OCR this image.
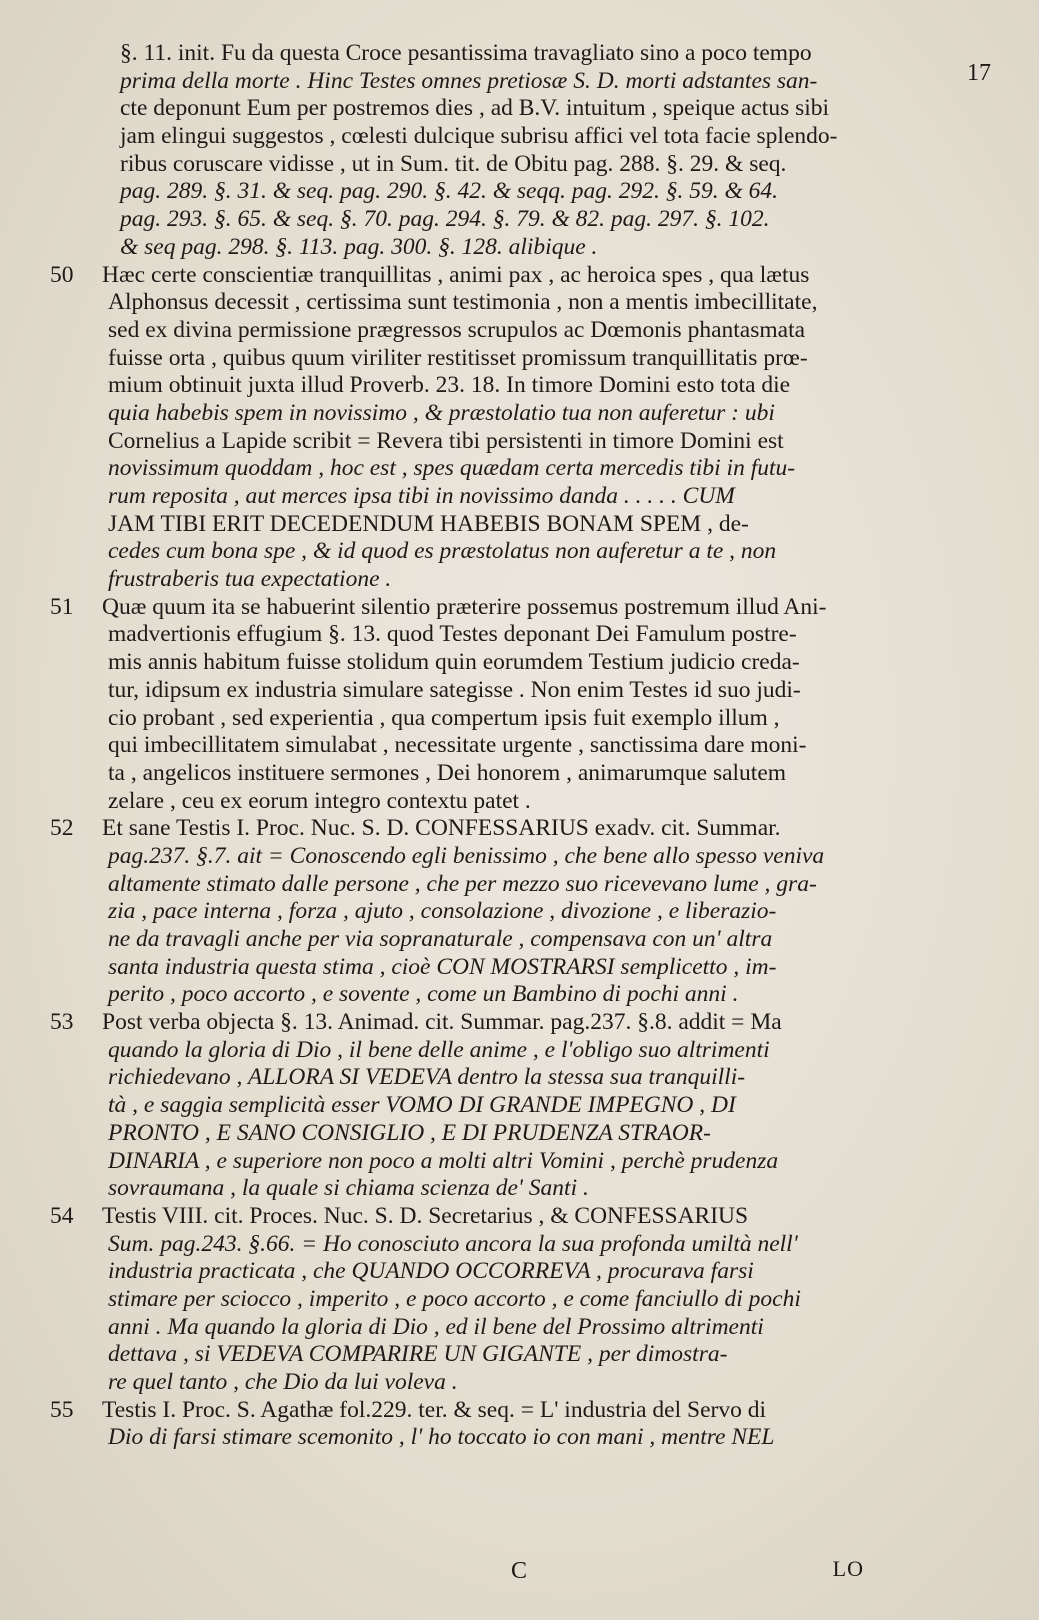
17
§. 11. init. Fu da questa Croce pesantissima travagliato sino a poco tempo
prima della morte . Hinc Testes omnes pretiosæ S. D. morti adstantes san-
cte deponunt Eum per postremos dies , ad B.V. intuitum , speique actus sibi
jam elingui suggestos , cœlesti dulcique subrisu affici vel tota facie splendo-
ribus coruscare vidisse , ut in Sum. tit. de Obitu pag. 288. §. 29. & seq.
pag. 289. §. 31. & seq. pag. 290. §. 42. & seqq. pag. 292. §. 59. & 64.
pag. 293. §. 65. & seq. §. 70. pag. 294. §. 79. & 82. pag. 297. §. 102.
& seq pag. 298. §. 113. pag. 300. §. 128. alibique .
50 Hæc certe conscientiæ tranquillitas , animi pax , ac heroica spes , qua lætus
Alphonsus decessit , certissima sunt testimonia , non a mentis imbecillitate,
sed ex divina permissione prægressos scrupulos ac Dœmonis phantasmata
fuisse orta , quibus quum viriliter restitisset promissum tranquillitatis prœ-
mium obtinuit juxta illud Proverb. 23. 18. In timore Domini esto tota die
quia habebis spem in novissimo , & præstolatio tua non auferetur : ubi
Cornelius a Lapide scribit = Revera tibi persistenti in timore Domini est
novissimum quoddam , hoc est , spes quædam certa mercedis tibi in futu-
rum reposita , aut merces ipsa tibi in novissimo danda . . . . . CUM
JAM TIBI ERIT DECEDENDUM HABEBIS BONAM SPEM , de-
cedes cum bona spe , & id quod es præstolatus non auferetur a te , non
frustraberis tua expectatione .
51 Quæ quum ita se habuerint silentio præterire possemus postremum illud Ani-
madvertionis effugium §. 13. quod Testes deponant Dei Famulum postre-
mis annis habitum fuisse stolidum quin eorumdem Testium judicio creda-
tur, idipsum ex industria simulare sategisse . Non enim Testes id suo judi-
cio probant , sed experientia , qua compertum ipsis fuit exemplo illum ,
qui imbecillitatem simulabat , necessitate urgente , sanctissima dare moni-
ta , angelicos instituere sermones , Dei honorem , animarumque salutem
zelare , ceu ex eorum integro contextu patet .
52 Et sane Testis I. Proc. Nuc. S. D. CONFESSARIUS exadv. cit. Summar.
pag.237. §.7. ait = Conoscendo egli benissimo , che bene allo spesso veniva
altamente stimato dalle persone , che per mezzo suo ricevevano lume , gra-
zia , pace interna , forza , ajuto , consolazione , divozione , e liberazio-
ne da travagli anche per via sopranaturale , compensava con un' altra
santa industria questa stima , cioè CON MOSTRARSI semplicetto , im-
perito , poco accorto , e sovente , come un Bambino di pochi anni .
53 Post verba objecta §. 13. Animad. cit. Summar. pag.237. §.8. addit = Ma
quando la gloria di Dio , il bene delle anime , e l'obligo suo altrimenti
richiedevano , ALLORA SI VEDEVA dentro la stessa sua tranquilli-
tà , e saggia semplicità esser VOMO DI GRANDE IMPEGNO , DI
PRONTO , E SANO CONSIGLIO , E DI PRUDENZA STRAOR-
DINARIA , e superiore non poco a molti altri Vomini , perchè prudenza
sovraumana , la quale si chiama scienza de' Santi .
54 Testis VIII. cit. Proces. Nuc. S. D. Secretarius , & CONFESSARIUS
Sum. pag.243. §.66. = Ho conosciuto ancora la sua profonda umiltà nell'
industria practicata , che QUANDO OCCORREVA , procurava farsi
stimare per sciocco , imperito , e poco accorto , e come fanciullo di pochi
anni . Ma quando la gloria di Dio , ed il bene del Prossimo altrimenti
dettava , si VEDEVA COMPARIRE UN GIGANTE , per dimostra-
re quel tanto , che Dio da lui voleva .
55 Testis I. Proc. S. Agathæ fol.229. ter. & seq. = L' industria del Servo di
Dio di farsi stimare scemonito , l' ho toccato io con mani , mentre NEL
LO
C
